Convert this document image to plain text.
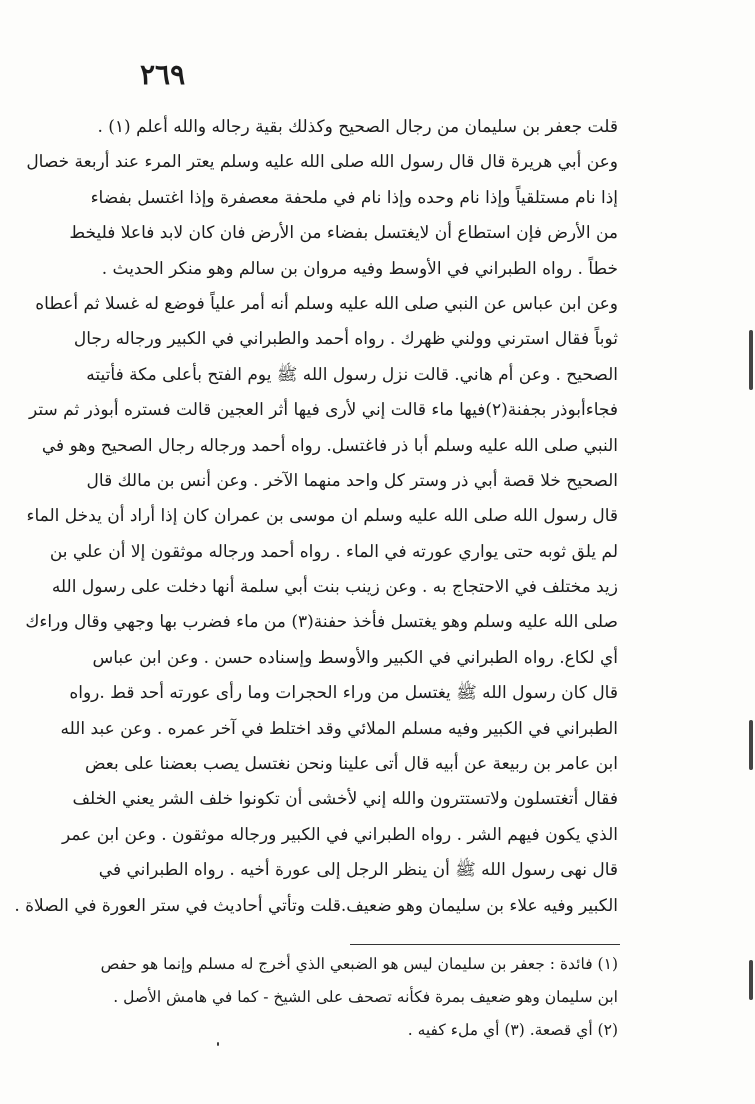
٢٦٩
قلت جعفر بن سليمان من رجال الصحيح وكذلك بقية رجاله والله أعلم (١) .
وعن أبي هريرة قال قال رسول الله صلى الله عليه وسلم يعتر المرء عند أربعة خصال
إذا نام مستلقياً وإذا نام وحده وإذا نام في ملحفة معصفرة وإذا اغتسل بفضاء
من الأرض فإن استطاع أن لايغتسل بفضاء من الأرض فان كان لابد فاعلا فليخط
خطاً . رواه الطبراني في الأوسط وفيه مروان بن سالم وهو منكر الحديث .
وعن ابن عباس عن النبي صلى الله عليه وسلم أنه أمر علياً فوضع له غسلا ثم أعطاه
ثوباً فقال استرني وولني ظهرك . رواه أحمد والطبراني في الكبير ورجاله رجال
الصحيح . وعن أم هاني. قالت نزل رسول الله ﷺ يوم الفتح بأعلى مكة فأتيته
فجاءأبوذر بجفنة(٢)فيها ماء قالت إني لأرى فيها أثر العجين قالت فستره أبوذر ثم ستر
النبي صلى الله عليه وسلم أبا ذر فاغتسل. رواه أحمد ورجاله رجال الصحيح وهو في
الصحيح خلا قصة أبي ذر وستر كل واحد منهما الآخر . وعن أنس بن مالك قال
قال رسول الله صلى الله عليه وسلم ان موسى بن عمران كان إذا أراد أن يدخل الماء
لم يلق ثوبه حتى يواري عورته في الماء . رواه أحمد ورجاله موثقون إلا أن علي بن
زيد مختلف في الاحتجاج به . وعن زينب بنت أبي سلمة أنها دخلت على رسول الله
صلى الله عليه وسلم وهو يغتسل فأخذ حفنة(٣) من ماء فضرب بها وجهي وقال وراءك
أي لكاع. رواه الطبراني في الكبير والأوسط وإسناده حسن . وعن ابن عباس
قال كان رسول الله ﷺ يغتسل من وراء الحجرات وما رأى عورته أحد قط .رواه
الطبراني في الكبير وفيه مسلم الملائي وقد اختلط في آخر عمره . وعن عبد الله
ابن عامر بن ربيعة عن أبيه قال أتى علينا ونحن نغتسل يصب بعضنا على بعض
فقال أتغتسلون ولاتستترون والله إني لأخشى أن تكونوا خلف الشر يعني الخلف
الذي يكون فيهم الشر . رواه الطبراني في الكبير ورجاله موثقون . وعن ابن عمر
قال نهى رسول الله ﷺ أن ينظر الرجل إلى عورة أخيه . رواه الطبراني في
الكبير وفيه علاء بن سليمان وهو ضعيف.قلت وتأتي أحاديث في ستر العورة في الصلاة .
(١) فائدة : جعفر بن سليمان ليس هو الضبعي الذي أخرج له مسلم وإنما هو حفص
ابن سليمان وهو ضعيف بمرة فكأنه تصحف على الشيخ - كما في هامش الأصل .
(٢) أي قصعة. (٣) أي ملء كفيه .
